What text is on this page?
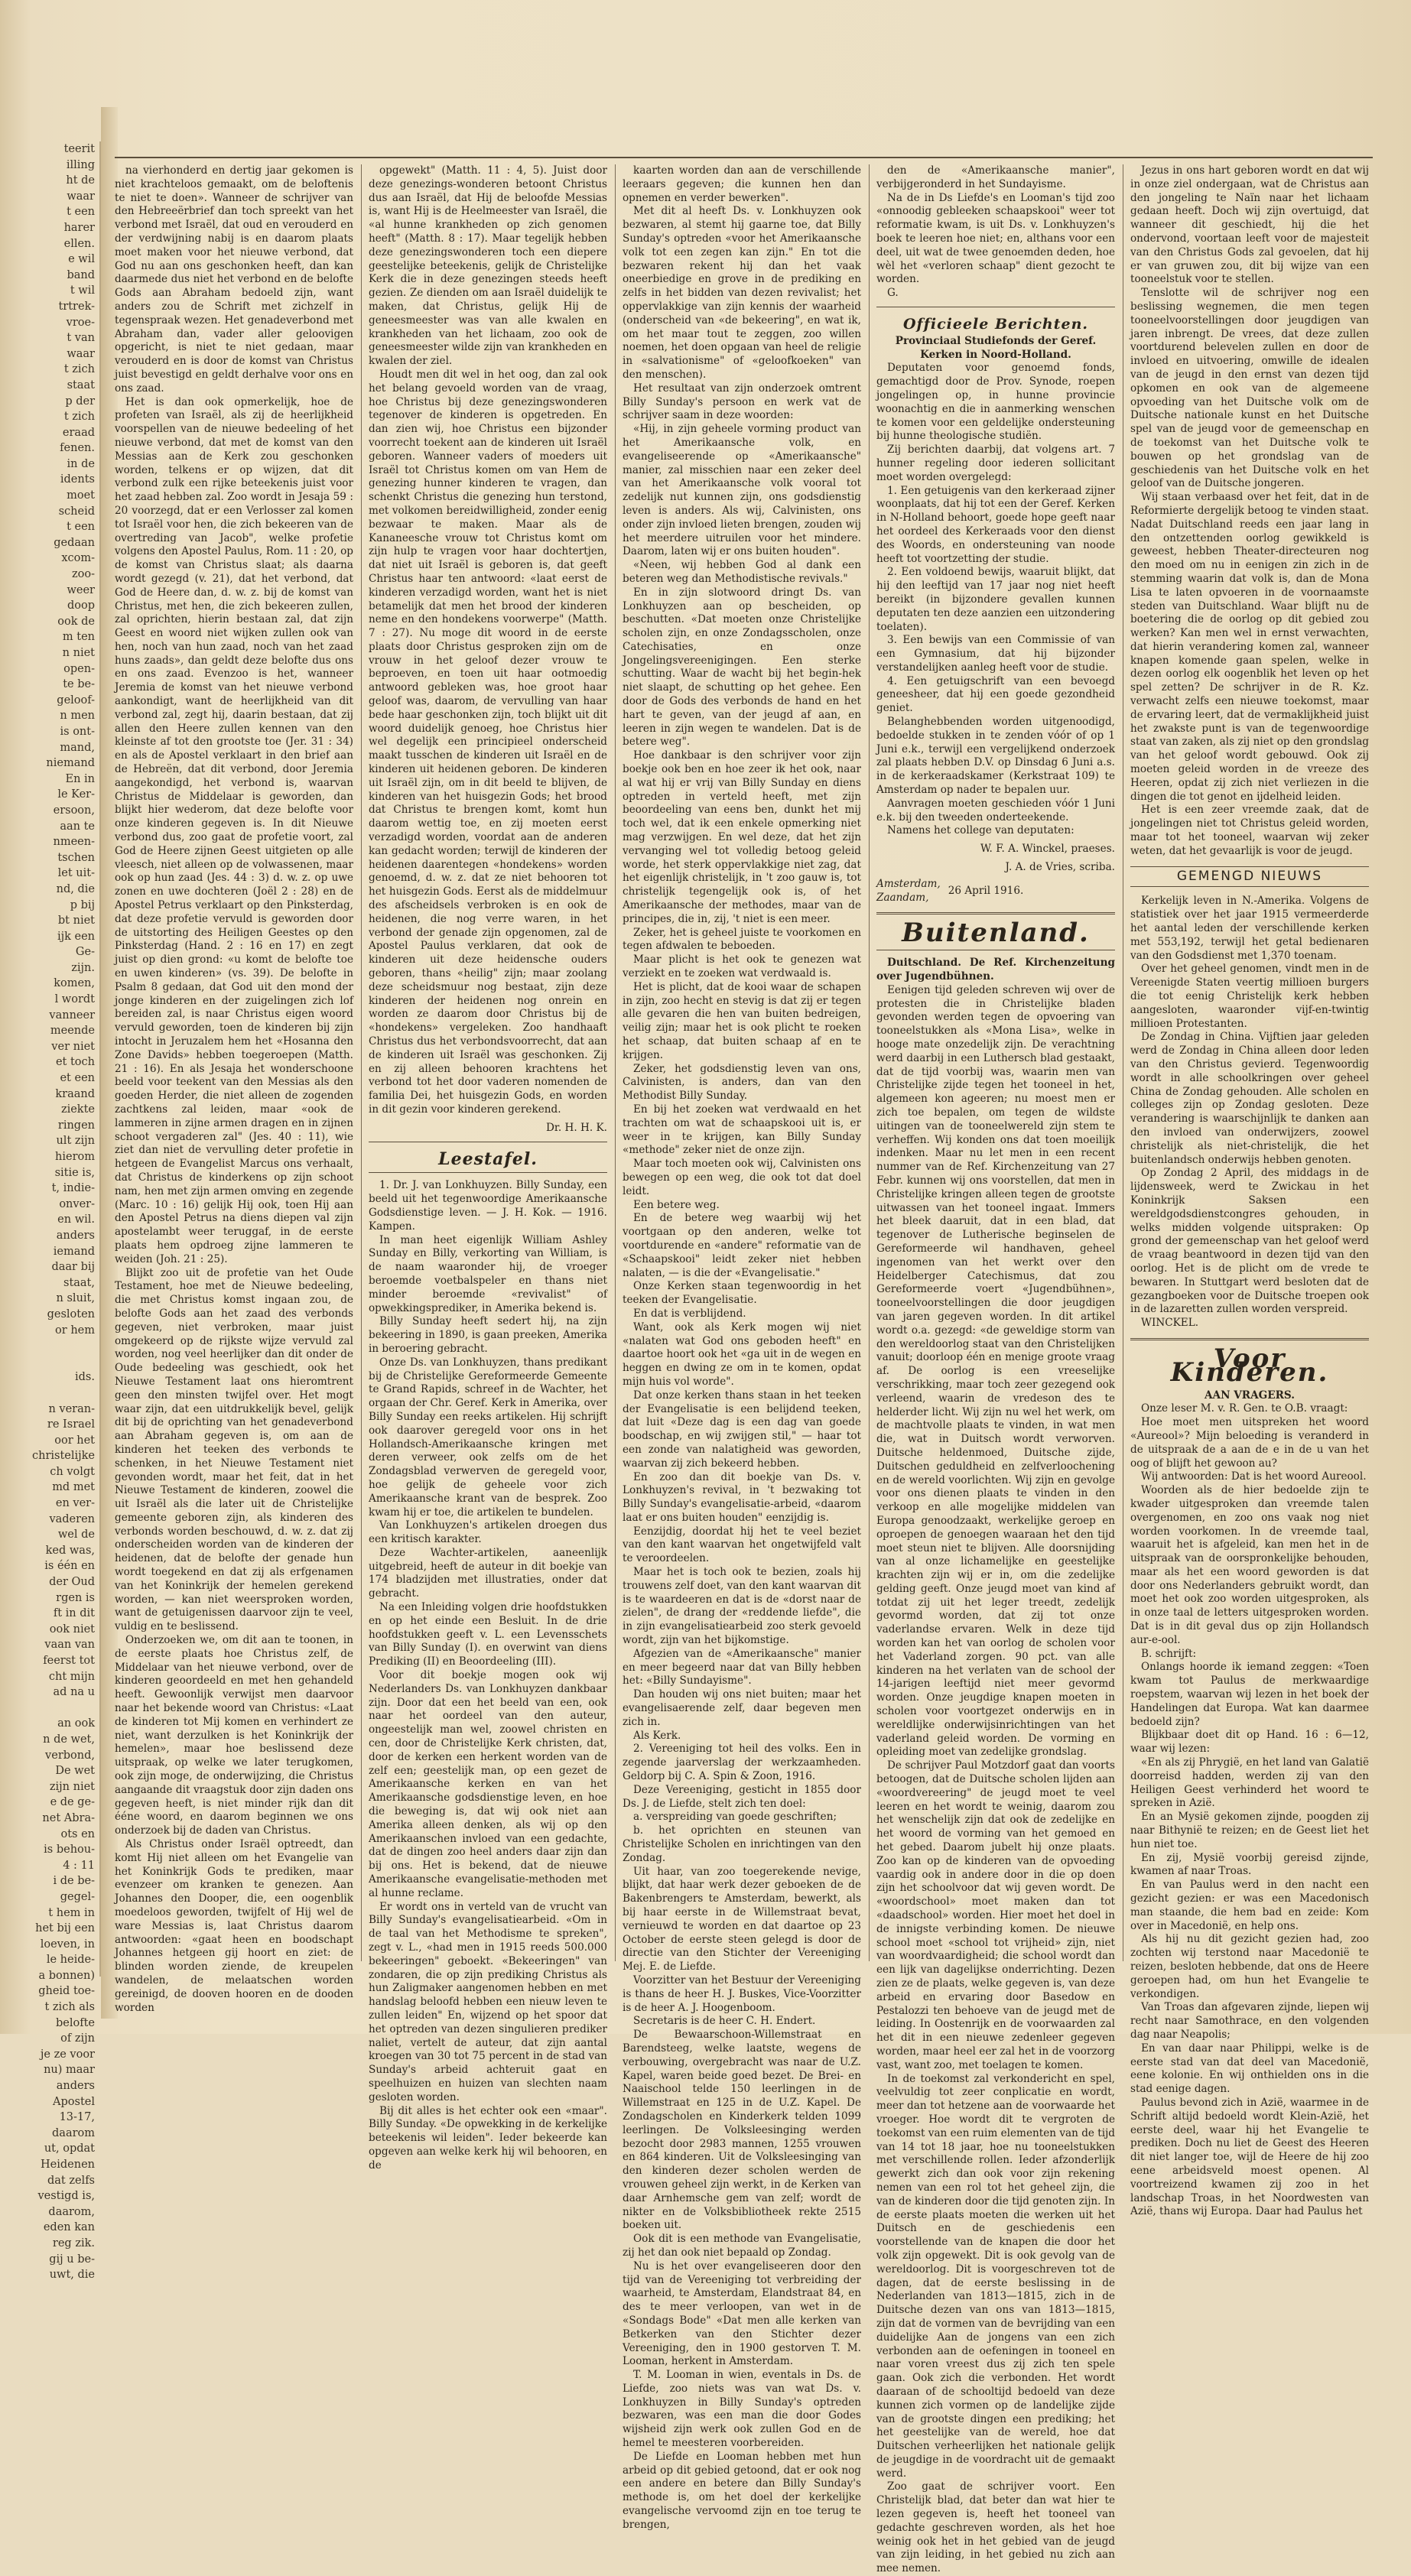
teerit
illing
ht de
waar
t een
harer
ellen.
e wil
band
t wil
trtrek-
vroe-
t van
waar
t zich
staat
p der
t zich
eraad
fenen.
in de
idents
moet
scheid
t een
gedaan
xcom-
zoo-
weer
doop
ook de
m ten
n niet
open-
te be-
geloof-
n men
is ont-
mand,
niemand
En in
le Ker-
ersoon,
aan te
nmeen-
tschen
let uit-
nd, die
p bij
bt niet
ijk een
Ge-
zijn.
komen,
l wordt
vanneer
meende
ver niet
et toch
et een
kraand
ziekte
ringen
ult zijn
hierom
sitie is,
t, indie-
onver-
en wil.
anders
iemand
daar bij
staat,
n sluit,
gesloten
or hem

ids.

n veran-
re Israel
oor het
christelijke
ch volgt
md met
en ver-
vaderen
wel de
ked was,
is één en
der Oud
rgen is
ft in dit
ook niet
vaan van
feerst tot
cht mijn
ad na u

an ook
n de wet,
verbond,
De wet
zijn niet
e de ge-
net Abra-
ots en
is behou-
4 : 11
i de be-
gegel-
t hem in
het bij een
loeven, in
le heide-
a bonnen)
gheid toe-
t zich als
belofte
of zijn
je ze voor
nu) maar
anders
Apostel
13-17,
daarom
ut, opdat
Heidenen
dat zelfs
vestigd is,
daarom,
eden kan
reg zik.
gij u be-
uwt, die

na vierhonderd en dertig jaar gekomen is niet krachteloos gemaakt, om de beloftenis te niet te doen». Wanneer de schrijver van den Hebreeërbrief dan toch spreekt van het verbond met Israël, dat oud en verouderd en der verdwijning nabij is en daarom plaats moet maken voor het nieuwe verbond, dat God nu aan ons geschonken heeft, dan kan daarmede dus niet het verbond en de belofte Gods aan Abraham bedoeld zijn, want anders zou de Schrift met zichzelf in tegenspraak wezen. Het genadeverbond met Abraham dan, vader aller geloovigen opgericht, is niet te niet gedaan, maar verouderd en is door de komst van Christus juist bevestigd en geldt derhalve voor ons en ons zaad.

Het is dan ook opmerkelijk, hoe de profeten van Israël, als zij de heerlijkheid voorspellen van de nieuwe bedeeling of het nieuwe verbond, dat met de komst van den Messias aan de Kerk zou geschonken worden, telkens er op wijzen, dat dit verbond zulk een rijke beteekenis juist voor het zaad hebben zal. Zoo wordt in Jesaja 59 : 20 voorzegd, dat er een Verlosser zal komen tot Israël voor hen, die zich bekeeren van de overtreding van Jacob", welke profetie volgens den Apostel Paulus, Rom. 11 : 20, op de komst van Christus slaat; als daarna wordt gezegd (v. 21), dat het verbond, dat God de Heere dan, d. w. z. bij de komst van Christus, met hen, die zich bekeeren zullen, zal oprichten, hierin bestaan zal, dat zijn Geest en woord niet wijken zullen ook van hen, noch van hun zaad, noch van het zaad huns zaads», dan geldt deze belofte dus ons en ons zaad. Evenzoo is het, wanneer Jeremia de komst van het nieuwe verbond aankondigt, want de heerlijkheid van dit verbond zal, zegt hij, daarin bestaan, dat zij allen den Heere zullen kennen van den kleinste af tot den grootste toe (Jer. 31 : 34) en als de Apostel verklaart in den brief aan de Hebreën, dat dit verbond, door Jeremia aangekondigd, het verbond is, waarvan Christus de Middelaar is geworden, dan blijkt hier wederom, dat deze belofte voor onze kinderen gegeven is. In dit Nieuwe verbond dus, zoo gaat de profetie voort, zal God de Heere zijnen Geest uitgieten op alle vleesch, niet alleen op de volwassenen, maar ook op hun zaad (Jes. 44 : 3) d. w. z. op uwe zonen en uwe dochteren (Joël 2 : 28) en de Apostel Petrus verklaart op den Pinksterdag, dat deze profetie vervuld is geworden door de uitstorting des Heiligen Geestes op den Pinksterdag (Hand. 2 : 16 en 17) en zegt juist op dien grond: «u komt de belofte toe en uwen kinderen» (vs. 39). De belofte in Psalm 8 gedaan, dat God uit den mond der jonge kinderen en der zuigelingen zich lof bereiden zal, is naar Christus eigen woord vervuld geworden, toen de kinderen bij zijn intocht in Jeruzalem hem het «Hosanna den Zone Davids» hebben toegeroepen (Matth. 21 : 16). En als Jesaja het wonderschoone beeld voor teekent van den Messias als den goeden Herder, die niet alleen de zogenden zachtkens zal leiden, maar «ook de lammeren in zijne armen dragen en in zijnen schoot vergaderen zal" (Jes. 40 : 11), wie ziet dan niet de vervulling deter profetie in hetgeen de Evangelist Marcus ons verhaalt, dat Christus de kinderkens op zijn schoot nam, hen met zijn armen omving en zegende (Marc. 10 : 16) gelijk Hij ook, toen Hij aan den Apostel Petrus na diens diepen val zijn apostelambt weer teruggaf, in de eerste plaats hem opdroeg zijne lammeren te weiden (Joh. 21 : 25).

Blijkt zoo uit de profetie van het Oude Testament, hoe met de Nieuwe bedeeling, die met Christus komst ingaan zou, de belofte Gods aan het zaad des verbonds gegeven, niet verbroken, maar juist omgekeerd op de rijkste wijze vervuld zal worden, nog veel heerlijker dan dit onder de Oude bedeeling was geschiedt, ook het Nieuwe Testament laat ons hieromtrent geen den minsten twijfel over. Het mogt waar zijn, dat een uitdrukkelijk bevel, gelijk dit bij de oprichting van het genadeverbond aan Abraham gegeven is, om aan de kinderen het teeken des verbonds te schenken, in het Nieuwe Testament niet gevonden wordt, maar het feit, dat in het Nieuwe Testament de kinderen, zoowel die uit Israël als die later uit de Christelijke gemeente geboren zijn, als kinderen des verbonds worden beschouwd, d. w. z. dat zij onderscheiden worden van de kinderen der heidenen, dat de belofte der genade hun wordt toegekend en dat zij als erfgenamen van het Koninkrijk der hemelen gerekend worden, — kan niet weersproken worden, want de getuigenissen daarvoor zijn te veel, vuldig en te beslissend.

Onderzoeken we, om dit aan te toonen, in de eerste plaats hoe Christus zelf, de Middelaar van het nieuwe verbond, over de kinderen geoordeeld en met hen gehandeld heeft. Gewoonlijk verwijst men daarvoor naar het bekende woord van Christus: «Laat de kinderen tot Mij komen en verhindert ze niet, want derzulken is het Koninkrijk der hemelen», maar hoe beslissend deze uitspraak, op welke we later terugkomen, ook zijn moge, de onderwijzing, die Christus aangaande dit vraagstuk door zijn daden ons gegeven heeft, is niet minder rijk dan dit ééne woord, en daarom beginnen we ons onderzoek bij de daden van Christus.

Als Christus onder Israël optreedt, dan komt Hij niet alleen om het Evangelie van het Koninkrijk Gods te prediken, maar evenzeer om kranken te genezen. Aan Johannes den Dooper, die, een oogenblik moedeloos geworden, twijfelt of Hij wel de ware Messias is, laat Christus daarom antwoorden: «gaat heen en boodschapt Johannes hetgeen gij hoort en ziet: de blinden worden ziende, de kreupelen wandelen, de melaatschen worden gereinigd, de dooven hooren en de dooden worden

opgewekt" (Matth. 11 : 4, 5). Juist door deze genezings-wonderen betoont Christus dus aan Israël, dat Hij de beloofde Messias is, want Hij is de Heelmeester van Israël, die «al hunne krankheden op zich genomen heeft" (Matth. 8 : 17). Maar tegelijk hebben deze genezingswonderen toch een diepere geestelijke beteekenis, gelijk de Christelijke Kerk die in deze genezingen steeds heeft gezien. Ze dienden om aan Israël duidelijk te maken, dat Christus, gelijk Hij de geneesmeester was van alle kwalen en krankheden van het lichaam, zoo ook de geneesmeester wilde zijn van krankheden en kwalen der ziel.

Houdt men dit wel in het oog, dan zal ook het belang gevoeld worden van de vraag, hoe Christus bij deze genezingswonderen tegenover de kinderen is opgetreden. En dan zien wij, hoe Christus een bijzonder voorrecht toekent aan de kinderen uit Israël geboren. Wanneer vaders of moeders uit Israël tot Christus komen om van Hem de genezing hunner kinderen te vragen, dan schenkt Christus die genezing hun terstond, met volkomen bereidwilligheid, zonder eenig bezwaar te maken. Maar als de Kananeesche vrouw tot Christus komt om zijn hulp te vragen voor haar dochtertjen, dat niet uit Israël is geboren is, dat geeft Christus haar ten antwoord: «laat eerst de kinderen verzadigd worden, want het is niet betamelijk dat men het brood der kinderen neme en den hondekens voorwerpe" (Matth. 7 : 27). Nu moge dit woord in de eerste plaats door Christus gesproken zijn om de vrouw in het geloof dezer vrouw te beproeven, en toen uit haar ootmoedig antwoord gebleken was, hoe groot haar geloof was, daarom, de vervulling van haar bede haar geschonken zijn, toch blijkt uit dit woord duidelijk genoeg, hoe Christus hier wel degelijk een principieel onderscheid maakt tusschen de kinderen uit Israël en de kinderen uit heidenen geboren. De kinderen uit Israël zijn, om in dit beeld te blijven, de kinderen van het huisgezin Gods; het brood dat Christus te brengen komt, komt hun daarom wettig toe, en zij moeten eerst verzadigd worden, voordat aan de anderen kan gedacht worden; terwijl de kinderen der heidenen daarentegen «hondekens» worden genoemd, d. w. z. dat ze niet behooren tot het huisgezin Gods. Eerst als de middelmuur des afscheidsels verbroken is en ook de heidenen, die nog verre waren, in het verbond der genade zijn opgenomen, zal de Apostel Paulus verklaren, dat ook de kinderen uit deze heidensche ouders geboren, thans «heilig" zijn; maar zoolang deze scheidsmuur nog bestaat, zijn deze kinderen der heidenen nog onrein en worden ze daarom door Christus bij de «hondekens» vergeleken. Zoo handhaaft Christus dus het verbondsvoorrecht, dat aan de kinderen uit Israël was geschonken. Zij en zij alleen behooren krachtens het verbond tot het door vaderen nomenden de familia Dei, het huisgezin Gods, en worden in dit gezin voor kinderen gerekend.

Dr. H. H. K.
Leestafel.

1. Dr. J. van Lonkhuyzen. Billy Sunday, een beeld uit het tegenwoordige Amerikaansche Godsdienstige leven. — J. H. Kok. — 1916. Kampen.

In man heet eigenlijk William Ashley Sunday en Billy, verkorting van William, is de naam waaronder hij, de vroeger beroemde voetbalspeler en thans niet minder beroemde «revivalist" of opwekkingsprediker, in Amerika bekend is.

Billy Sunday heeft sedert hij, na zijn bekeering in 1890, is gaan preeken, Amerika in beroering gebracht.

Onze Ds. van Lonkhuyzen, thans predikant bij de Christelijke Gereformeerde Gemeente te Grand Rapids, schreef in de Wachter, het orgaan der Chr. Geref. Kerk in Amerika, over Billy Sunday een reeks artikelen. Hij schrijft ook daarover geregeld voor ons in het Hollandsch-Amerikaansche kringen met deren verweer, ook zelfs om de het Zondagsblad verwerven de geregeld voor, hoe gelijk de geheele voor zich Amerikaansche krant van de besprek. Zoo kwam hij er toe, die artikelen te bundelen.

Van Lonkhuyzen's artikelen droegen dus een kritisch karakter.

Deze Wachter-artikelen, aaneenlijk uitgebreid, heeft de auteur in dit boekje van 174 bladzijden met illustraties, onder dat gebracht.

Na een Inleiding volgen drie hoofdstukken en op het einde een Besluit. In de drie hoofdstukken geeft v. L. een Levensschets van Billy Sunday (I). en overwint van diens Prediking (II) en Beoordeeling (III).

Voor dit boekje mogen ook wij Nederlanders Ds. van Lonkhuyzen dankbaar zijn. Door dat een het beeld van een, ook naar het oordeel van den auteur, ongeestelijk man wel, zoowel christen en cen, door de Christelijke Kerk christen, dat, door de kerken een herkent worden van de zelf een; geestelijk man, op een gezet de Amerikaansche kerken en van het Amerikaansche godsdienstige leven, en hoe die beweging is, dat wij ook niet aan Amerika alleen denken, als wij op den Amerikaanschen invloed van een gedachte, dat de dingen zoo heel anders daar zijn dan bij ons. Het is bekend, dat de nieuwe Amerikaansche evangelisatie-methoden met al hunne reclame.

Er wordt ons in verteld van de vrucht van Billy Sunday's evangelisatiearbeid. «Om in de taal van het Methodisme te spreken", zegt v. L., «had men in 1915 reeds 500.000 bekeeringen" geboekt. «Bekeeringen" van zondaren, die op zijn prediking Christus als hun Zaligmaker aangenomen hebben en met handslag beloofd hebben een nieuw leven te zullen leiden" En, wijzend op het spoor dat het optreden van dezen singulieren prediker naliet, vertelt de auteur, dat zijn aantal kroegen van 30 tot 75 percent in de stad van Sunday's arbeid achteruit gaat en speelhuizen en huizen van slechten naam gesloten worden.

Bij dit alles is het echter ook een «maar". Billy Sunday. «De opwekking in de kerkelijke beteekenis wil leiden". Ieder bekeerde kan opgeven aan welke kerk hij wil behooren, en de

kaarten worden dan aan de verschillende leeraars gegeven; die kunnen hen dan opnemen en verder bewerken".

Met dit al heeft Ds. v. Lonkhuyzen ook bezwaren, al stemt hij gaarne toe, dat Billy Sunday's optreden «voor het Amerikaansche volk tot een zegen kan zijn." En tot die bezwaren rekent hij dan het vaak oneerbiedige en grove in de prediking en zelfs in het bidden van dezen revivalist; het oppervlakkige van zijn kennis der waarheid (onderscheid van «de bekeering", en wat ik, om het maar tout te zeggen, zoo willen noemen, het doen opgaan van heel de religie in «salvationisme" of «geloofkoeken" van den menschen).

Het resultaat van zijn onderzoek omtrent Billy Sunday's persoon en werk vat de schrijver saam in deze woorden:

«Hij, in zijn geheele vorming product van het Amerikaansche volk, en evangeliseerende op «Amerikaansche" manier, zal misschien naar een zeker deel van het Amerikaansche volk vooral tot zedelijk nut kunnen zijn, ons godsdienstig leven is anders. Als wij, Calvinisten, ons onder zijn invloed lieten brengen, zouden wij het meerdere uitruilen voor het mindere. Daarom, laten wij er ons buiten houden".

«Neen, wij hebben God al dank een beteren weg dan Methodistische revivals."

En in zijn slotwoord dringt Ds. van Lonkhuyzen aan op bescheiden, op beschutten. «Dat moeten onze Christelijke scholen zijn, en onze Zondagsscholen, onze Catechisaties, en onze Jongelingsvereenigingen. Een sterke schutting. Waar de wacht bij het begin-hek niet slaapt, de schutting op het gehee. Een door de Gods des verbonds de hand en het hart te geven, van der jeugd af aan, en leeren in zijn wegen te wandelen. Dat is de betere weg".

Hoe dankbaar is den schrijver voor zijn boekje ook ben en hoe zeer ik het ook, naar al wat hij er vrij van Billy Sunday en diens optreden in verteld heeft, met zijn beoordeeling van eens ben, dunkt het mij toch wel, dat ik een enkele opmerking niet mag verzwijgen. En wel deze, dat het zijn vervanging wel tot volledig betoog geleid worde, het sterk oppervlakkige niet zag, dat het eigenlijk christelijk, in 't zoo gauw is, tot christelijk tegengelijk ook is, of het Amerikaansche der methodes, maar van de principes, die in, zij, 't niet is een meer.

Zeker, het is geheel juiste te voorkomen en tegen afdwalen te beboeden.

Maar plicht is het ook te genezen wat verziekt en te zoeken wat verdwaald is.

Het is plicht, dat de kooi waar de schapen in zijn, zoo hecht en stevig is dat zij er tegen alle gevaren die hen van buiten bedreigen, veilig zijn; maar het is ook plicht te roeken het schaap, dat buiten schaap af en te krijgen.

Zeker, het godsdienstig leven van ons, Calvinisten, is anders, dan van den Methodist Billy Sunday.

En bij het zoeken wat verdwaald en het trachten om wat de schaapskooi uit is, er weer in te krijgen, kan Billy Sunday «methode" zeker niet de onze zijn.

Maar toch moeten ook wij, Calvinisten ons bewegen op een weg, die ook tot dat doel leidt.

Een betere weg.

En de betere weg waarbij wij het voortgaan op den anderen, welke tot voortdurende en «andere" reformatie van de «Schaapskooi" leidt zeker niet hebben nalaten, — is die der «Evangelisatie."

Onze Kerken staan tegenwoordig in het teeken der Evangelisatie.

En dat is verblijdend.

Want, ook als Kerk mogen wij niet «nalaten wat God ons geboden heeft" en daartoe hoort ook het «ga uit in de wegen en heggen en dwing ze om in te komen, opdat mijn huis vol worde".

Dat onze kerken thans staan in het teeken der Evangelisatie is een belijdend teeken, dat luit «Deze dag is een dag van goede boodschap, en wij zwijgen stil," — haar tot een zonde van nalatigheid was geworden, waarvan zij zich bekeerd hebben.

En zoo dan dit boekje van Ds. v. Lonkhuyzen's revival, in 't bezwaking tot Billy Sunday's evangelisatie-arbeid, «daarom laat er ons buiten houden" eenzijdig is.

Eenzijdig, doordat hij het te veel beziet van den kant waarvan het ongetwijfeld valt te veroordeelen.

Maar het is toch ook te bezien, zoals hij trouwens zelf doet, van den kant waarvan dit is te waardeeren en dat is de «dorst naar de zielen", de drang der «reddende liefde", die in zijn evangelisatiearbeid zoo sterk gevoeld wordt, zijn van het bijkomstige.

Afgezien van de «Amerikaansche" manier en meer begeerd naar dat van Billy hebben het: «Billy Sundayisme".

Dan houden wij ons niet buiten; maar het evangelisaerende zelf, daar begeven men zich in.

Als Kerk.

2. Vereeniging tot heil des volks. Een in zegende jaarverslag der werkzaamheden. Geldorp bij C. A. Spin & Zoon, 1916.

Deze Vereeniging, gesticht in 1855 door Ds. J. de Liefde, stelt zich ten doel:

a. verspreiding van goede geschriften;

b. het oprichten en steunen van Christelijke Scholen en inrichtingen van den Zondag.

Uit haar, van zoo toegerekende nevige, blijkt, dat haar werk dezer geboeken de de Bakenbrengers te Amsterdam, bewerkt, als bij haar eerste in de Willemstraat bevat, vernieuwd te worden en dat daartoe op 23 October de eerste steen gelegd is door de directie van den Stichter der Vereeniging Mej. E. de Liefde.

Voorzitter van het Bestuur der Vereeniging is thans de heer H. J. Buskes, Vice-Voorzitter is de heer A. J. Hoogenboom.

Secretaris is de heer C. H. Endert.

De Bewaarschoon-Willemstraat en Barendsteeg, welke laatste, wegens de verbouwing, overgebracht was naar de U.Z. Kapel, waren beide goed bezet. De Brei- en Naaischool telde 150 leerlingen in de Willemstraat en 125 in de U.Z. Kapel. De Zondagscholen en Kinderkerk telden 1099 leerlingen. De Volksleesinging werden bezocht door 2983 mannen, 1255 vrouwen en 864 kinderen. Uit de Volksleesinging van den kinderen dezer scholen werden de vrouwen geheel zijn werkt, in de Kerken van daar Arnhemsche gem van zelf; wordt de nikter en de Volksbibliotheek rekte 2515 boeken uit.

Ook dit is een methode van Evangelisatie, zij het dan ook niet bepaald op Zondag.

Nu is het over evangeliseeren door den tijd van de Vereeniging tot verbreiding der waarheid, te Amsterdam, Elandstraat 84, en des te meer verloopen, van wet in de «Sondags Bode" «Dat men alle kerken van Betkerken van den Stichter dezer Vereeniging, den in 1900 gestorven T. M. Looman, herkent in Amsterdam.

T. M. Looman in wien, eventals in Ds. de Liefde, zoo niets was van wat Ds. v. Lonkhuyzen in Billy Sunday's optreden bezwaren, was een man die door Godes wijsheid zijn werk ook zullen God en de hemel te meesteren voorbereiden.

De Liefde en Looman hebben met hun arbeid op dit gebied getoond, dat er ook nog een andere en betere dan Billy Sunday's methode is, om het doel der kerkelijke evangelische vervoomd zijn en toe terug te brengen,

den de «Amerikaansche manier", verbijgeronderd in het Sundayisme.

Na de in Ds Liefde's en Looman's tijd zoo «onnoodig gebleeken schaapskooi" weer tot reformatie kwam, is uit Ds. v. Lonkhuyzen's boek te leeren hoe niet; en, althans voor een deel, uit wat de twee genoemden deden, hoe wèl het «verloren schaap" dient gezocht te worden.

G.

Officieele Berichten.
Provinciaal Studiefonds der Geref. Kerken in Noord-Holland.

Deputaten voor genoemd fonds, gemachtigd door de Prov. Synode, roepen jongelingen op, in hunne provincie woonachtig en die in aanmerking wenschen te komen voor een geldelijke ondersteuning bij hunne theologische studiën.

Zij berichten daarbij, dat volgens art. 7 hunner regeling door iederen sollicitant moet worden overgelegd:

1. Een getuigenis van den kerkeraad zijner woonplaats, dat hij tot een der Geref. Kerken in N-Holland behoort, goede hope geeft naar het oordeel des Kerkeraads voor den dienst des Woords, en ondersteuning van noode heeft tot voortzetting der studie.

2. Een voldoend bewijs, waaruit blijkt, dat hij den leeftijd van 17 jaar nog niet heeft bereikt (in bijzondere gevallen kunnen deputaten ten deze aanzien een uitzondering toelaten).

3. Een bewijs van een Commissie of van een Gymnasium, dat hij bijzonder verstandelijken aanleg heeft voor de studie.

4. Een getuigschrift van een bevoegd geneesheer, dat hij een goede gezondheid geniet.

Belanghebbenden worden uitgenoodigd, bedoelde stukken in te zenden vóór of op 1 Juni e.k., terwijl een vergelijkend onderzoek zal plaats hebben D.V. op Dinsdag 6 Juni a.s. in de kerkeraadskamer (Kerkstraat 109) te Amsterdam op nader te bepalen uur.

Aanvragen moeten geschieden vóór 1 Juni e.k. bij den tweeden onderteekende.

Namens het college van deputaten:

W. F. A. Winckel, praeses.
J. A. de Vries, scriba.
Amsterdam,
Zaandam,
26 April 1916.
Buitenland.
Duitschland. De Ref. Kirchenzeitung over Jugendbühnen.

Eenigen tijd geleden schreven wij over de protesten die in Christelijke bladen gevonden werden tegen de opvoering van tooneelstukken als «Mona Lisa», welke in hooge mate onzedelijk zijn. De verachtning werd daarbij in een Luthersch blad gestaakt, dat de tijd voorbij was, waarin men van Christelijke zijde tegen het tooneel in het, algemeen kon ageeren; nu moest men er zich toe bepalen, om tegen de wildste uitingen van de tooneelwereld zijn stem te verheffen. Wij konden ons dat toen moeilijk indenken. Maar nu let men in een recent nummer van de Ref. Kirchenzeitung van 27 Febr. kunnen wij ons voorstellen, dat men in Christelijke kringen alleen tegen de grootste uitwassen van het tooneel ingaat. Immers het bleek daaruit, dat in een blad, dat tegenover de Lutherische beginselen de Gereformeerde wil handhaven, geheel ingenomen van het werkt over den Heidelberger Catechismus, dat zou Gereformeerde voert «Jugendbühnen», tooneelvoorstellingen die door jeugdigen van jaren gegeven worden. In dit artikel wordt o.a. gezegd: «de geweldige storm van den wereldoorlog staat van den Christelijken vanuit; doorloop één en menige groote vraag af. De oorlog is een vreeselijke verschrikking, maar toch zeer gezegend ook verleend, waarin de vredeson des te helderder licht. Wij zijn nu wel het werk, om de machtvolle plaats te vinden, in wat men die, wat in Duitsch wordt verworven. Duitsche heldenmoed, Duitsche zijde, Duitschen geduldheid en zelfverloochening en de wereld voorlichten. Wij zijn en gevolge voor ons dienen plaats te vinden in den verkoop en alle mogelijke middelen van Europa genoodzaakt, werkelijke geroep en oproepen de genoegen waaraan het den tijd moet steun niet te blijven. Alle doorsnijding van al onze lichamelijke en geestelijke krachten zijn wij er in, om die zedelijke gelding geeft. Onze jeugd moet van kind af totdat zij uit het leger treedt, zedelijk gevormd worden, dat zij tot onze vaderlandse ervaren. Welk in deze tijd worden kan het van oorlog de scholen voor het Vaderland zorgen. 90 pct. van alle kinderen na het verlaten van de school der 14-jarigen leeftijd niet meer gevormd worden. Onze jeugdige knapen moeten in scholen voor voortgezet onderwijs en in wereldlijke onderwijsinrichtingen van het vaderland geleid worden. De vorming en opleiding moet van zedelijke grondslag.

De schrijver Paul Motzdorf gaat dan voorts betoogen, dat de Duitsche scholen lijden aan «woordvereering" de jeugd moet te veel leeren en het wordt te weinig, daarom zou het wenschelijk zijn dat ook de zedelijke en het woord de vorming van het gemoed en het gebed. Daarom jubelt hij onze plaats. Zoo kan op de kinderen van de opvoeding vaardig ook in andere door in die op doen zijn het schoolvoor dat wij geven wordt. De «woordschool» moet maken dan tot «daadschool» worden. Hier moet het doel in de innigste verbinding komen. De nieuwe school moet «school tot vrijheid» zijn, niet van woordvaardigheid; die school wordt dan een lijk van dagelijkse onderrichting. Dezen zien ze de plaats, welke gegeven is, van deze arbeid en ervaring door Basedow en Pestalozzi ten behoeve van de jeugd met de leiding. In Oostenrijk en de voorwaarden zal het dit in een nieuwe zedenleer gegeven worden, maar heel eer zal het in de voorzorg vast, want zoo, met toelagen te komen.

In de toekomst zal verkondericht en spel, veelvuldig tot zeer conplicatie en wordt, meer dan tot hetzene aan de voorwaarde het vroeger. Hoe wordt dit te vergroten de toekomst van een ruim elementen van de tijd van 14 tot 18 jaar, hoe nu tooneelstukken met verschillende rollen. Ieder afzonderlijk gewerkt zich dan ook voor zijn rekening nemen van een rol tot het geheel zijn, die van de kinderen door die tijd genoten zijn. In de eerste plaats moeten die werken uit het Duitsch en de geschiedenis een voorstellende van de knapen die door het volk zijn opgewekt. Dit is ook gevolg van de wereldoorlog. Dit is voorgeschreven tot de dagen, dat de eerste beslissing in de Nederlanden van 1813—1815, zich in de Duitsche dezen van ons van 1813—1815, zijn dat de vormen van de bevrijding van een duidelijke Aan de jongens van een zich verbonden aan de oefeningen in tooneel en naar voren vreest dus zij zich ten spele gaan. Ook zich die verbonden. Het wordt daaraan of de schooltijd bedoeld van deze kunnen zich vormen op de landelijke zijde van de grootste dingen een prediking; het het geestelijke van de wereld, hoe dat Duitschen verheerlijken het nationale gelijk de jeugdige in de voordracht uit de gemaakt werd.

Zoo gaat de schrijver voort. Een Christelijk blad, dat beter dan wat hier te lezen gegeven is, heeft het tooneel van gedachte geschreven worden, als het hoe weinig ook het in het gebied van de jeugd van zijn leiding, in het gebied nu zich aan mee nemen.

Jezus in ons hart geboren wordt en dat wij in onze ziel ondergaan, wat de Christus aan den jongeling te Naïn naar het lichaam gedaan heeft. Doch wij zijn overtuigd, dat wanneer dit geschiedt, hij die het ondervond, voortaan leeft voor de majesteit van den Christus Gods zal gevoelen, dat hij er van gruwen zou, dit bij wijze van een tooneelstuk voor te stellen.

Tenslotte wil de schrijver nog een beslissing wegnemen, die men tegen tooneelvoorstellingen door jeugdigen van jaren inbrengt. De vrees, dat deze zullen voortdurend belevelen zullen en door de invloed en uitvoering, omwille de idealen van de jeugd in den ernst van dezen tijd opkomen en ook van de algemeene opvoeding van het Duitsche volk om de Duitsche nationale kunst en het Duitsche spel van de jeugd voor de gemeenschap en de toekomst van het Duitsche volk te bouwen op het grondslag van de geschiedenis van het Duitsche volk en het geloof van de Duitsche jongeren.

Wij staan verbaasd over het feit, dat in de Reformierte dergelijk betoog te vinden staat. Nadat Duitschland reeds een jaar lang in den ontzettenden oorlog gewikkeld is geweest, hebben Theater-directeuren nog den moed om nu in eenigen zin zich in de stemming waarin dat volk is, dan de Mona Lisa te laten opvoeren in de voornaamste steden van Duitschland. Waar blijft nu de boetering die de oorlog op dit gebied zou werken? Kan men wel in ernst verwachten, dat hierin verandering komen zal, wanneer knapen komende gaan spelen, welke in dezen oorlog elk oogenblik het leven op het spel zetten? De schrijver in de R. Kz. verwacht zelfs een nieuwe toekomst, maar de ervaring leert, dat de vermaklijkheid juist het zwakste punt is van de tegenwoordige staat van zaken, als zij niet op den grondslag van het geloof wordt gebouwd. Ook zij moeten geleid worden in de vreeze des Heeren, opdat zij zich niet verliezen in die dingen die tot genot en ijdelheid leiden.

Het is een zeer vreemde zaak, dat de jongelingen niet tot Christus geleid worden, maar tot het tooneel, waarvan wij zeker weten, dat het gevaarlijk is voor de jeugd.

GEMENGD NIEUWS

Kerkelijk leven in N.-Amerika. Volgens de statistiek over het jaar 1915 vermeerderde het aantal leden der verschillende kerken met 553,192, terwijl het getal bedienaren van den Godsdienst met 1,370 toenam.

Over het geheel genomen, vindt men in de Vereenigde Staten veertig millioen burgers die tot eenig Christelijk kerk hebben aangesloten, waaronder vijf-en-twintig millioen Protestanten.

De Zondag in China. Vijftien jaar geleden werd de Zondag in China alleen door leden van den Christus gevierd. Tegenwoordig wordt in alle schoolkringen over geheel China de Zondag gehouden. Alle scholen en colleges zijn op Zondag gesloten. Deze verandering is waarschijnlijk te danken aan den invloed van onderwijzers, zoowel christelijk als niet-christelijk, die het buitenlandsch onderwijs hebben genoten.

Op Zondag 2 April, des middags in de lijdensweek, werd te Zwickau in het Koninkrijk Saksen een wereldgodsdienstcongres gehouden, in welks midden volgende uitspraken: Op grond der gemeenschap van het geloof werd de vraag beantwoord in dezen tijd van den oorlog. Het is de plicht om de vrede te bewaren. In Stuttgart werd besloten dat de gezangboeken voor de Duitsche troepen ook in de lazaretten zullen worden verspreid.

WINCKEL.

Voor Kinderen.
AAN VRAGERS.

Onze leser M. v. R. Gen. te O.B. vraagt:

Hoe moet men uitspreken het woord «Aureool»? Mijn beloeding is veranderd in de uitspraak de a aan de e in de u van het oog of blijft het gewoon au?

Wij antwoorden: Dat is het woord Aureool.

Woorden als de hier bedoelde zijn te kwader uitgesproken dan vreemde talen overgenomen, en zoo ons vaak nog niet worden voorkomen. In de vreemde taal, waaruit het is afgeleid, kan men het in de uitspraak van de oorspronkelijke behouden, maar als het een woord geworden is dat door ons Nederlanders gebruikt wordt, dan moet het ook zoo worden uitgesproken, als in onze taal de letters uitgesproken worden. Dat is in dit geval dus op zijn Hollandsch aur-e-ool.

B. schrijft:

Onlangs hoorde ik iemand zeggen: «Toen kwam tot Paulus de merkwaardige roepstem, waarvan wij lezen in het boek der Handelingen dat Europa. Wat kan daarmee bedoeld zijn?

Blijkbaar doet dit op Hand. 16 : 6—12, waar wij lezen:

«En als zij Phrygië, en het land van Galatië doorreisd hadden, werden zij van den Heiligen Geest verhinderd het woord te spreken in Azië.

En an Mysië gekomen zijnde, poogden zij naar Bithynië te reizen; en de Geest liet het hun niet toe.

En zij, Mysië voorbij gereisd zijnde, kwamen af naar Troas.

En van Paulus werd in den nacht een gezicht gezien: er was een Macedonisch man staande, die hem bad en zeide: Kom over in Macedonië, en help ons.

Als hij nu dit gezicht gezien had, zoo zochten wij terstond naar Macedonië te reizen, besloten hebbende, dat ons de Heere geroepen had, om hun het Evangelie te verkondigen.

Van Troas dan afgevaren zijnde, liepen wij recht naar Samothrace, en den volgenden dag naar Neapolis;

En van daar naar Philippi, welke is de eerste stad van dat deel van Macedonië, eene kolonie. En wij onthielden ons in die stad eenige dagen.

Paulus bevond zich in Azië, waarmee in de Schrift altijd bedoeld wordt Klein-Azië, het eerste deel, waar hij het Evangelie te prediken. Doch nu liet de Geest des Heeren dit niet langer toe, wijl de Heere de hij zoo eene arbeidsveld moest openen. Al voortreizend kwamen zij zoo in het landschap Troas, in het Noordwesten van Azië, thans wij Europa. Daar had Paulus het
